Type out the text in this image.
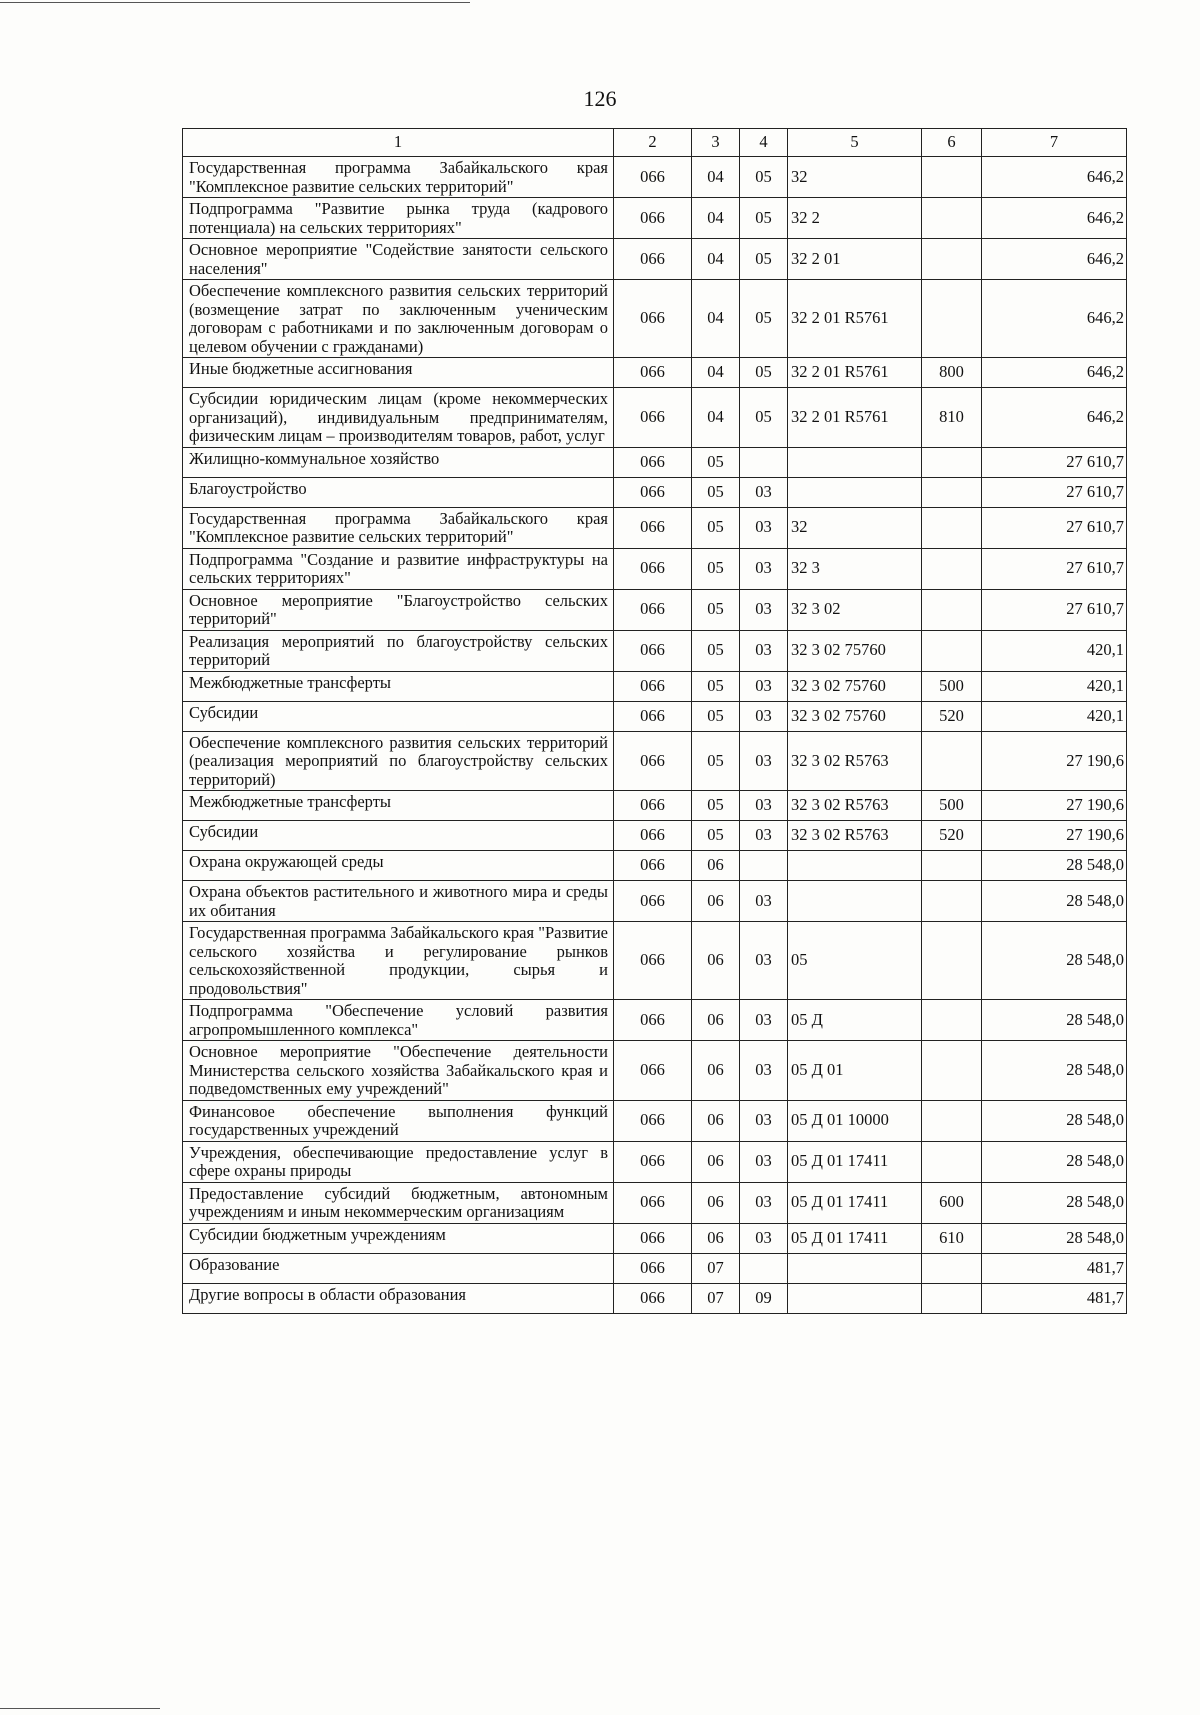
126
1	2	3	4	5	6	7
Государственная программа Забайкальского края "Комплексное развитие сельских территорий"	066	04	05	32		646,2
Подпрограмма "Развитие рынка труда (кадрового потенциала) на сельских территориях"	066	04	05	32 2		646,2
Основное мероприятие "Содействие занятости сельского населения"	066	04	05	32 2 01		646,2
Обеспечение комплексного развития сельских территорий (возмещение затрат по заключенным ученическим договорам с работниками и по заключенным договорам о целевом обучении с гражданами)	066	04	05	32 2 01 R5761		646,2
Иные бюджетные ассигнования	066	04	05	32 2 01 R5761	800	646,2
Субсидии юридическим лицам (кроме некоммерческих организаций), индивидуальным предпринимателям, физическим лицам – производителям товаров, работ, услуг	066	04	05	32 2 01 R5761	810	646,2
Жилищно-коммунальное хозяйство	066	05				27 610,7
Благоустройство	066	05	03			27 610,7
Государственная программа Забайкальского края "Комплексное развитие сельских территорий"	066	05	03	32		27 610,7
Подпрограмма "Создание и развитие инфраструктуры на сельских территориях"	066	05	03	32 3		27 610,7
Основное мероприятие "Благоустройство сельских территорий"	066	05	03	32 3 02		27 610,7
Реализация мероприятий по благоустройству сельских территорий	066	05	03	32 3 02 75760		420,1
Межбюджетные трансферты	066	05	03	32 3 02 75760	500	420,1
Субсидии	066	05	03	32 3 02 75760	520	420,1
Обеспечение комплексного развития сельских территорий (реализация мероприятий по благоустройству сельских территорий)	066	05	03	32 3 02 R5763		27 190,6
Межбюджетные трансферты	066	05	03	32 3 02 R5763	500	27 190,6
Субсидии	066	05	03	32 3 02 R5763	520	27 190,6
Охрана окружающей среды	066	06				28 548,0
Охрана объектов растительного и животного мира и среды их обитания	066	06	03			28 548,0
Государственная программа Забайкальского края "Развитие сельского хозяйства и регулирование рынков сельскохозяйственной продукции, сырья и продовольствия"	066	06	03	05		28 548,0
Подпрограмма "Обеспечение условий развития агропромышленного комплекса"	066	06	03	05 Д		28 548,0
Основное мероприятие "Обеспечение деятельности Министерства сельского хозяйства Забайкальского края и подведомственных ему учреждений"	066	06	03	05 Д 01		28 548,0
Финансовое обеспечение выполнения функций государственных учреждений	066	06	03	05 Д 01 10000		28 548,0
Учреждения, обеспечивающие предоставление услуг в сфере охраны природы	066	06	03	05 Д 01 17411		28 548,0
Предоставление субсидий бюджетным, автономным учреждениям и иным некоммерческим организациям	066	06	03	05 Д 01 17411	600	28 548,0
Субсидии бюджетным учреждениям	066	06	03	05 Д 01 17411	610	28 548,0
Образование	066	07				481,7
Другие вопросы в области образования	066	07	09			481,7
